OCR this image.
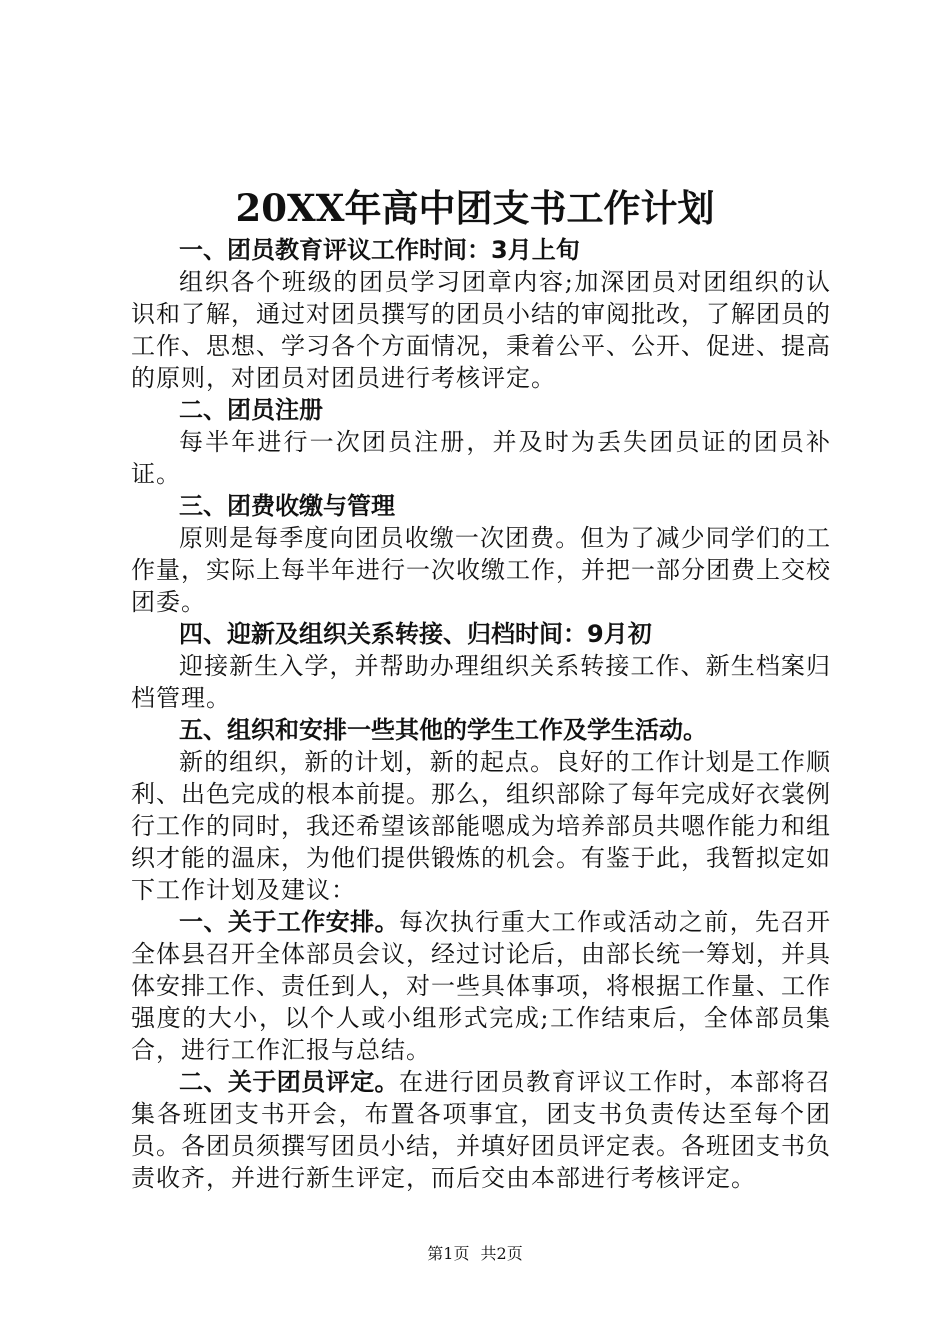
20XX年高中团支书工作计划

一、团员教育评议工作时间：3月上旬

组织各个班级的团员学习团章内容;加深团员对团组织的认识和了解，通过对团员撰写的团员小结的审阅批改，了解团员的工作、思想、学习各个方面情况，秉着公平、公开、促进、提高的原则，对团员对团员进行考核评定。

二、团员注册

每半年进行一次团员注册，并及时为丢失团员证的团员补证。

三、团费收缴与管理

原则是每季度向团员收缴一次团费。但为了减少同学们的工作量，实际上每半年进行一次收缴工作，并把一部分团费上交校团委。

四、迎新及组织关系转接、归档时间：9月初

迎接新生入学，并帮助办理组织关系转接工作、新生档案归档管理。

五、组织和安排一些其他的学生工作及学生活动。

新的组织，新的计划，新的起点。良好的工作计划是工作顺利、出色完成的根本前提。那么，组织部除了每年完成好衣裳例行工作的同时，我还希望该部能嗯成为培养部员共嗯作能力和组织才能的温床，为他们提供锻炼的机会。有鉴于此，我暂拟定如下工作计划及建议：

一、关于工作安排。每次执行重大工作或活动之前，先召开全体县召开全体部员会议，经过讨论后，由部长统一筹划，并具体安排工作、责任到人，对一些具体事项，将根据工作量、工作强度的大小，以个人或小组形式完成;工作结束后，全体部员集合，进行工作汇报与总结。

二、关于团员评定。在进行团员教育评议工作时，本部将召集各班团支书开会，布置各项事宜，团支书负责传达至每个团员。各团员须撰写团员小结，并填好团员评定表。各班团支书负责收齐，并进行新生评定，而后交由本部进行考核评定。

第1页 共2页
